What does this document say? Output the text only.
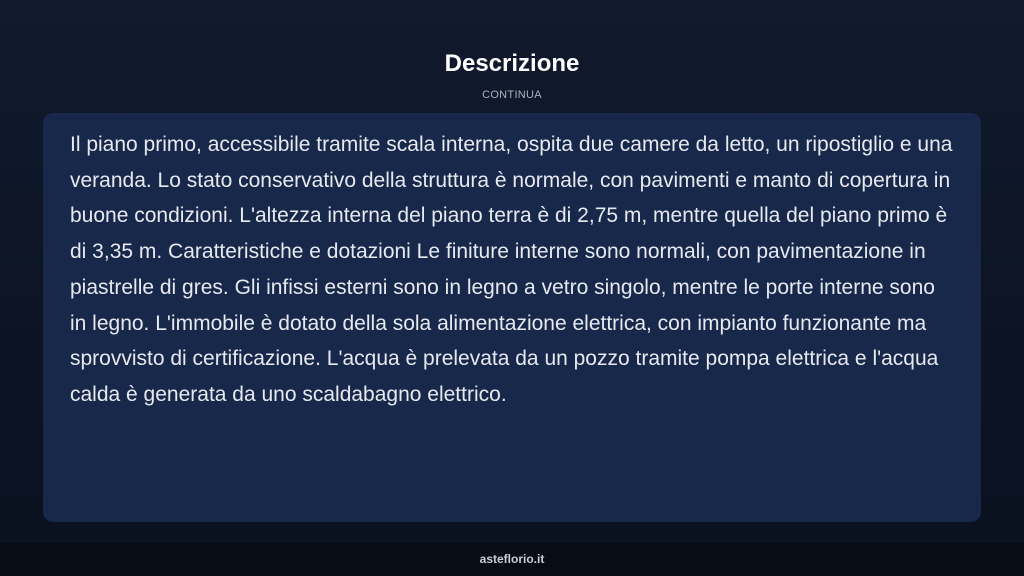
Descrizione
CONTINUA

Il piano primo, accessibile tramite scala interna, ospita due camere da letto, un ripostiglio e una veranda. Lo stato conservativo della struttura è normale, con pavimenti e manto di copertura in buone condizioni. L'altezza interna del piano terra è di 2,75 m, mentre quella del piano primo è di 3,35 m. Caratteristiche e dotazioni Le finiture interne sono normali, con pavimentazione in piastrelle di gres. Gli infissi esterni sono in legno a vetro singolo, mentre le porte interne sono in legno. L'immobile è dotato della sola alimentazione elettrica, con impianto funzionante ma sprovvisto di certificazione. L'acqua è prelevata da un pozzo tramite pompa elettrica e l'acqua calda è generata da uno scaldabagno elettrico.

asteflorio.it
